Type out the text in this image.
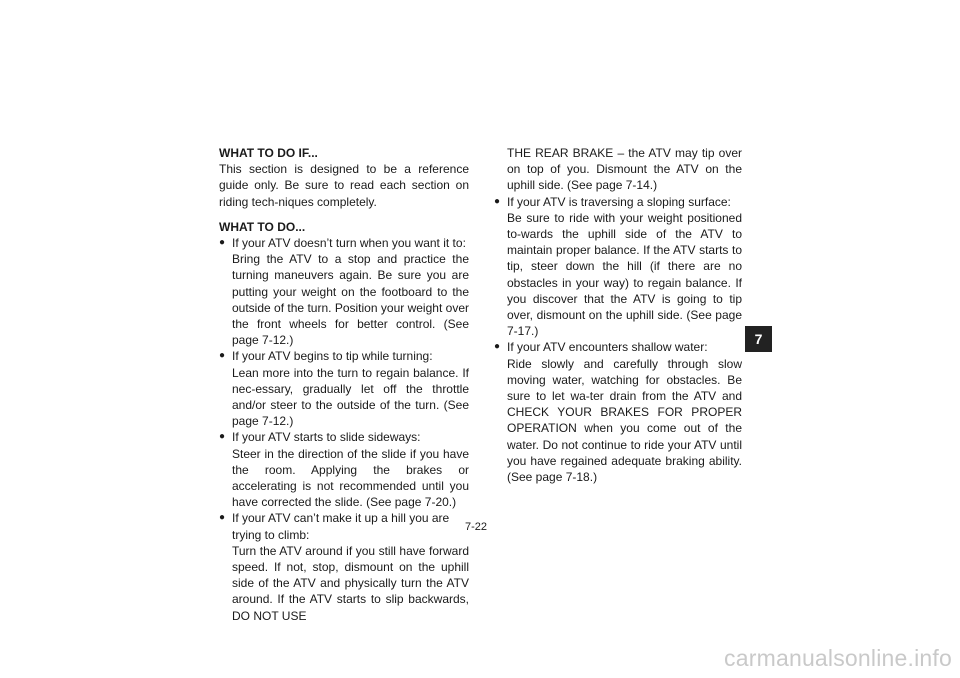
WHAT TO DO IF...

This section is designed to be a reference guide only. Be sure to read each section on riding tech-niques completely.

WHAT TO DO...

● If your ATV doesn’t turn when you want it to:

Bring the ATV to a stop and practice the turning maneuvers again. Be sure you are putting your weight on the footboard to the outside of the turn. Position your weight over the front wheels for better control. (See page 7-12.)

● If your ATV begins to tip while turning:

Lean more into the turn to regain balance. If nec-essary, gradually let off the throttle and/or steer to the outside of the turn. (See page 7-12.)

● If your ATV starts to slide sideways:

Steer in the direction of the slide if you have the room. Applying the brakes or accelerating is not recommended until you have corrected the slide. (See page 7-20.)

● If your ATV can’t make it up a hill you are trying to climb:

Turn the ATV around if you still have forward speed. If not, stop, dismount on the uphill side of the ATV and physically turn the ATV around. If the ATV starts to slip backwards, DO NOT USE

THE REAR BRAKE – the ATV may tip over on top of you. Dismount the ATV on the uphill side. (See page 7-14.)

● If your ATV is traversing a sloping surface:

Be sure to ride with your weight positioned to-wards the uphill side of the ATV to maintain proper balance. If the ATV starts to tip, steer down the hill (if there are no obstacles in your way) to regain balance. If you discover that the ATV is going to tip over, dismount on the uphill side. (See page 7-17.)

● If your ATV encounters shallow water:

Ride slowly and carefully through slow moving water, watching for obstacles. Be sure to let wa-ter drain from the ATV and CHECK YOUR BRAKES FOR PROPER OPERATION when you come out of the water. Do not continue to ride your ATV until you have regained adequate braking ability. (See page 7-18.)

7
7-22
carmanualsonline.info
